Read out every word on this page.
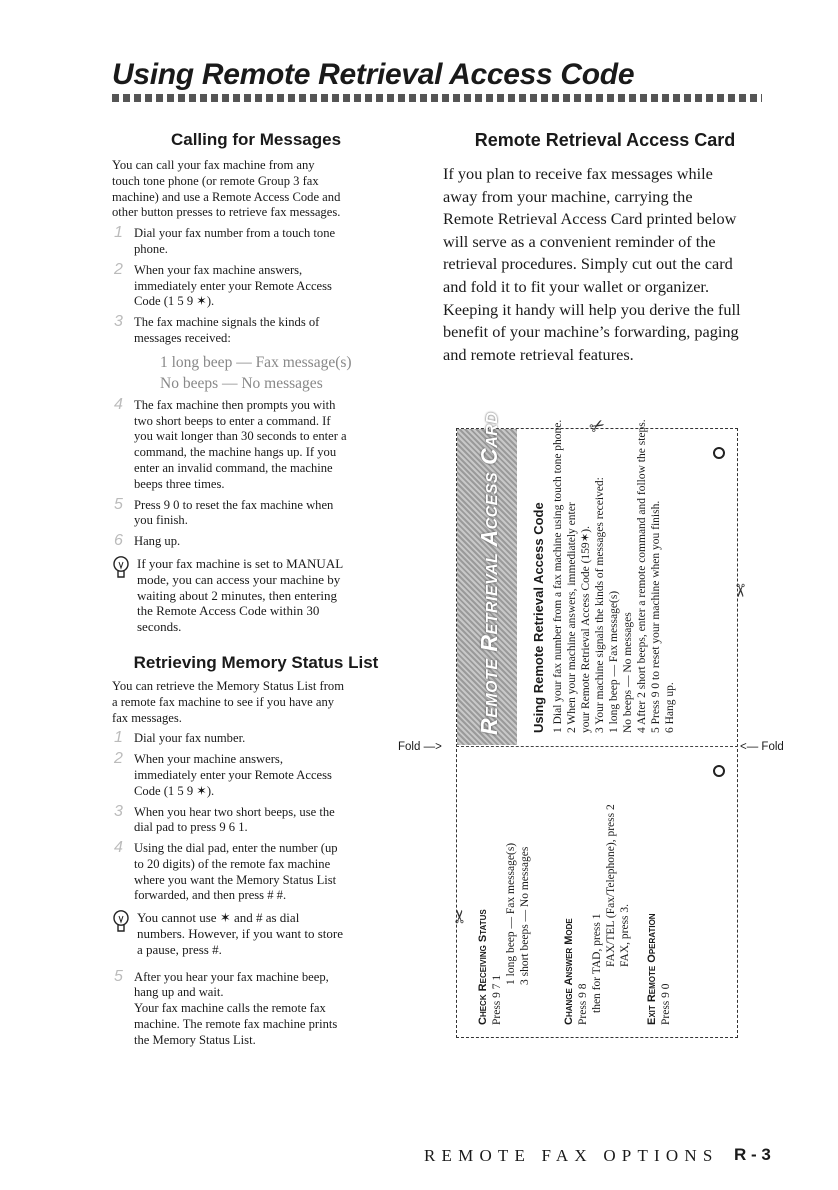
Using Remote Retrieval Access Code
Calling for Messages
You can call your fax machine from any
touch tone phone (or remote Group 3 fax
machine) and use a Remote Access Code and
other button presses to retrieve fax messages.
1 Dial your fax number from a touch tone
phone.
2 When your fax machine answers,
immediately enter your Remote Access
Code (1 5 9 ✶).
3 The fax machine signals the kinds of
messages received:
1 long beep — Fax message(s)
No beeps — No messages
4 The fax machine then prompts you with
two short beeps to enter a command. If
you wait longer than 30 seconds to enter a
command, the machine hangs up. If you
enter an invalid command, the machine
beeps three times.
5 Press 9 0 to reset the fax machine when
you finish.
6 Hang up.
If your fax machine is set to MANUAL
mode, you can access your machine by
waiting about 2 minutes, then entering
the Remote Access Code within 30
seconds.
Retrieving Memory Status List
You can retrieve the Memory Status List from
a remote fax machine to see if you have any
fax messages.
1 Dial your fax number.
2 When your machine answers,
immediately enter your Remote Access
Code (1 5 9 ✶).
3 When you hear two short beeps, use the
dial pad to press 9 6 1.
4 Using the dial pad, enter the number (up
to 20 digits) of the remote fax machine
where you want the Memory Status List
forwarded, and then press # #.
You cannot use ✶ and # as dial
numbers. However, if you want to store
a pause, press #.
5 After you hear your fax machine beep,
hang up and wait.
Your fax machine calls the remote fax
machine. The remote fax machine prints
the Memory Status List.
Remote Retrieval Access Card
If you plan to receive fax messages while
away from your machine, carrying the
Remote Retrieval Access Card printed below
will serve as a convenient reminder of the
retrieval procedures. Simply cut out the card
and fold it to fit your wallet or organizer.
Keeping it handy will help you derive the full
benefit of your machine’s forwarding, paging
and remote retrieval features.
✂
✂
✂
Fold —>	<— Fold
Remote Retrieval Access Card Using Remote Retrieval Access Code 1 Dial your fax number from a fax machine using touch tone phone. 2 When your machine answers, immediately enter your Remote Retrieval Access Code (159✶). 3 Your machine signals the kinds of messages received: 1 long beep — Fax message(s) No beeps — No messages 4 After 2 short beeps, enter a remote command and follow the steps. 5 Press 9 0 to reset your machine when you finish. 6 Hang up.
Check Receiving Status Press 9 7 1
1 long beep — Fax message(s) 3 short beeps — No messages	Change Answer Mode Press 9 8 then for TAD, press 1 FAX/TEL (Fax/Telephone), press 2 FAX, press 3. Exit Remote Operation Press 9 0
REMOTE FAX OPTIONS R - 3
